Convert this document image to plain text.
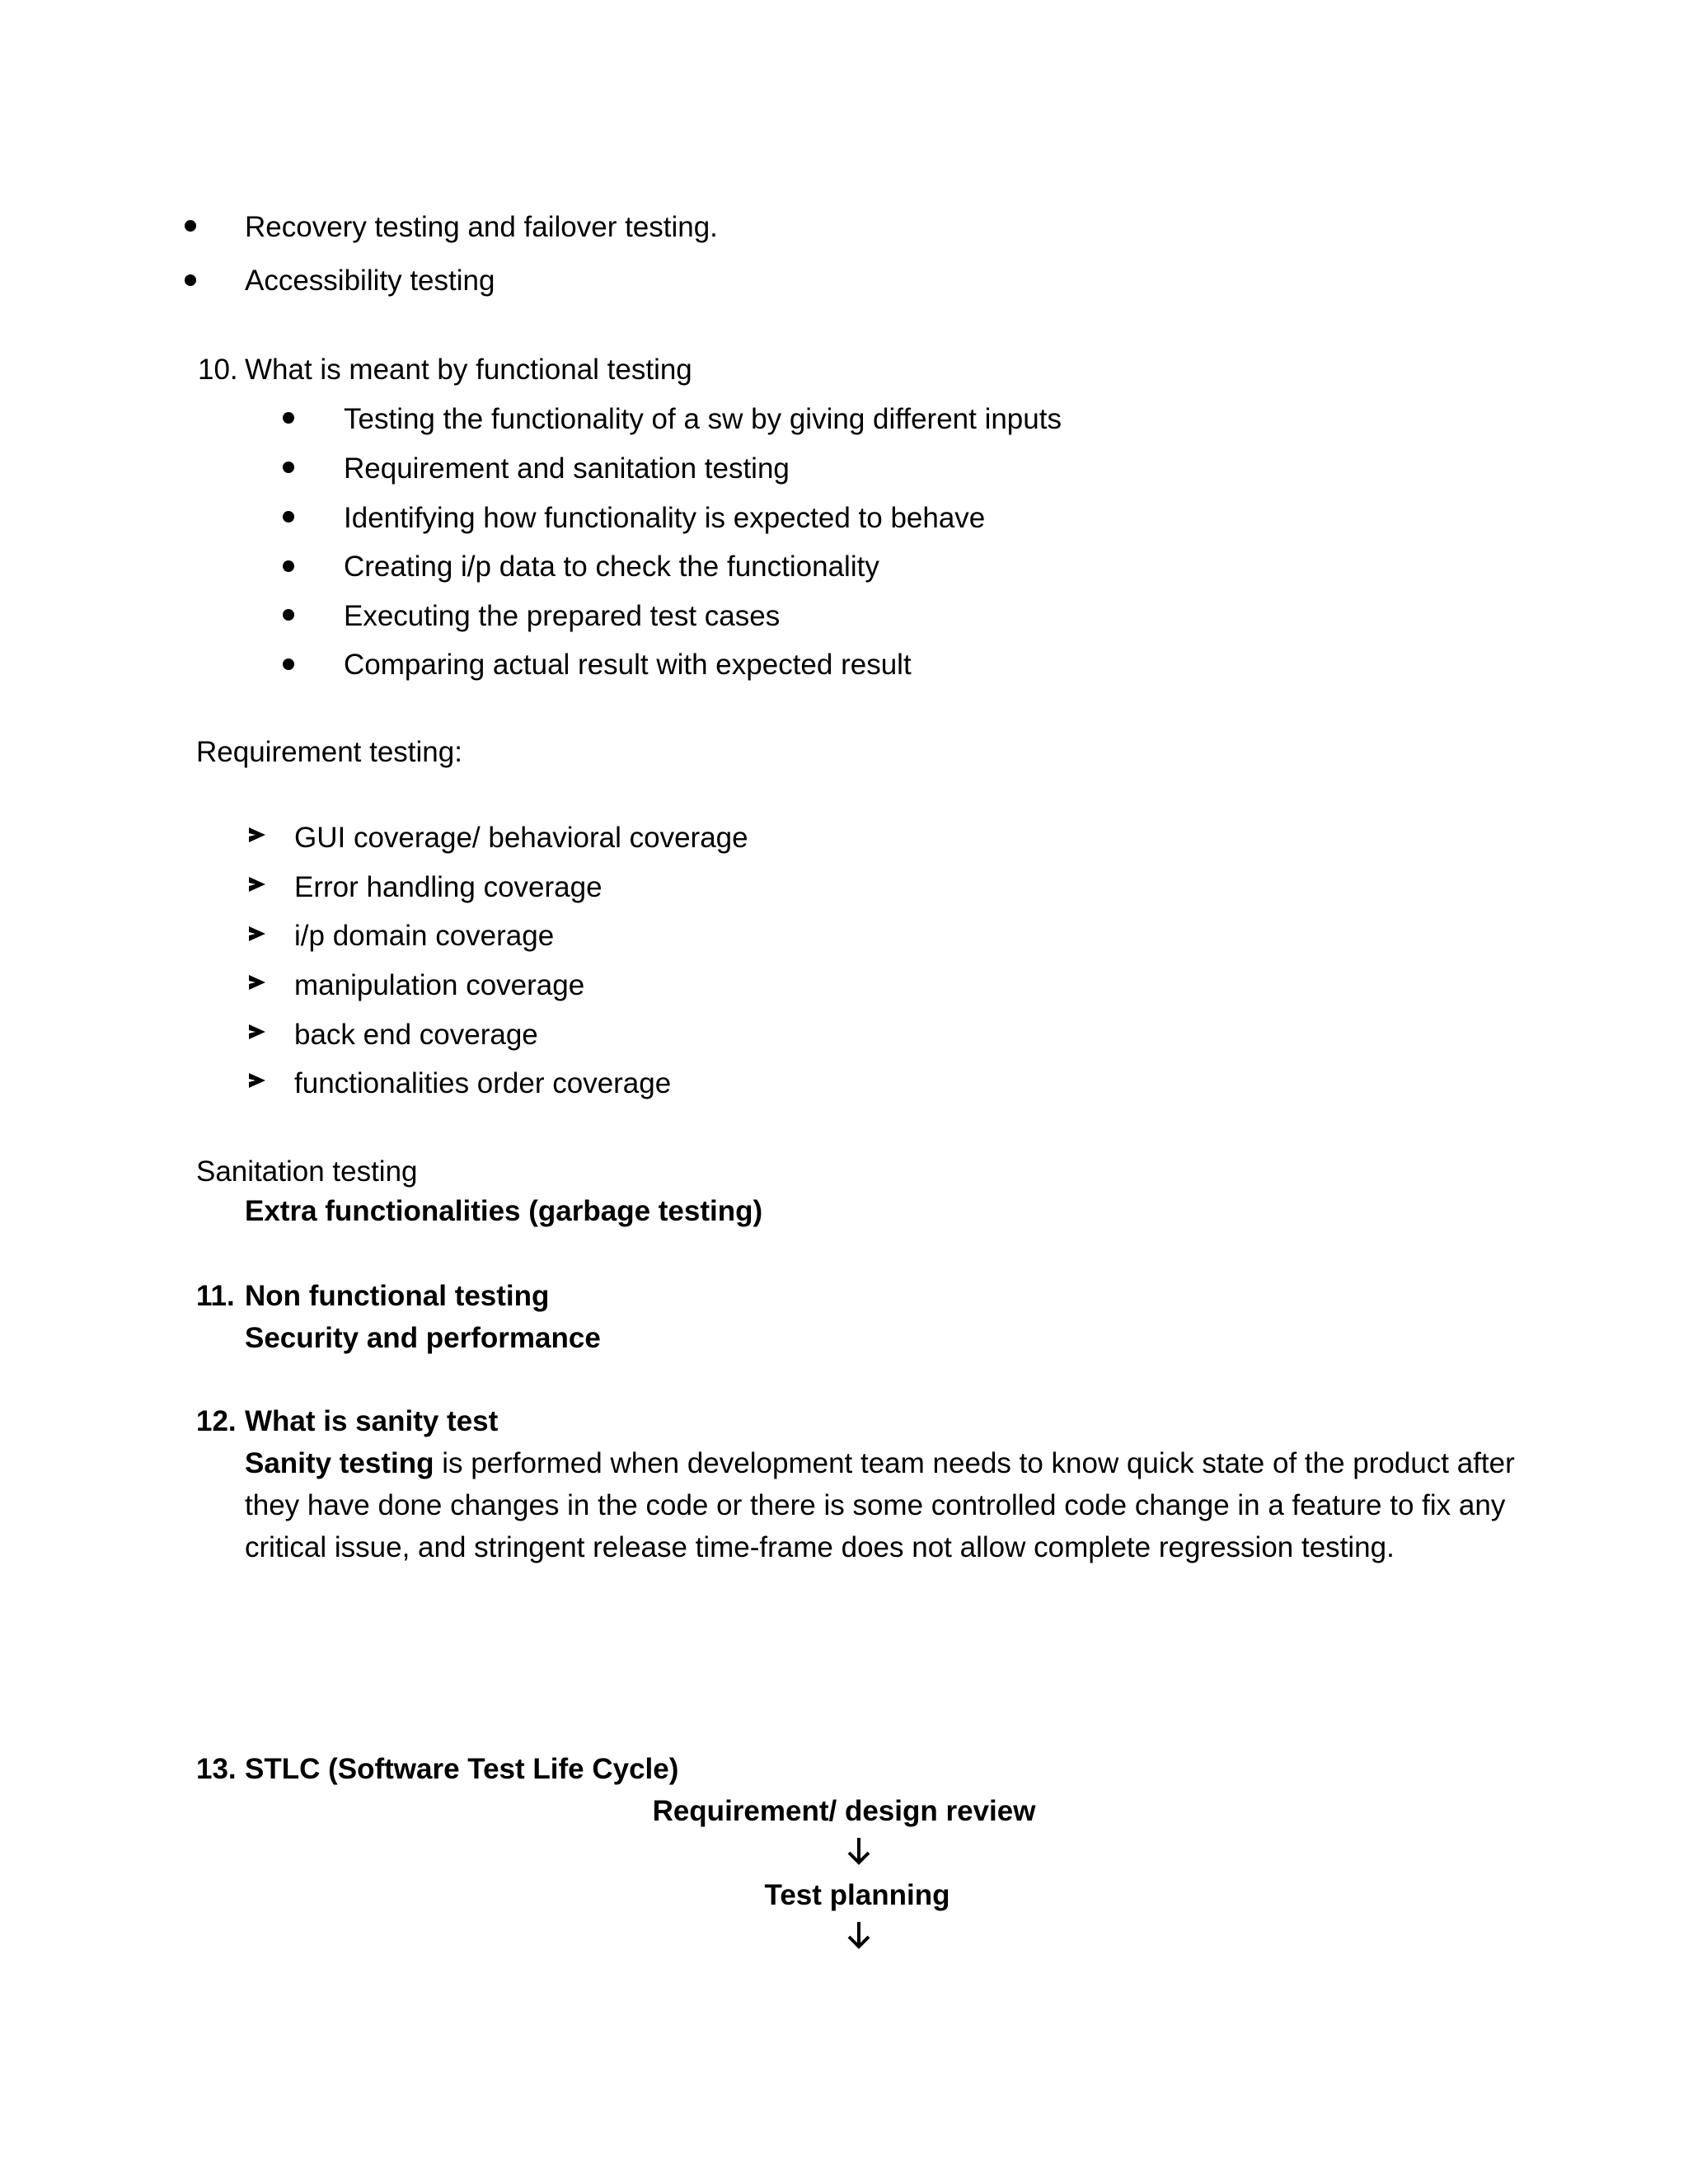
Recovery testing and failover testing.
Accessibility testing
10. What is meant by functional testing
Testing the functionality of a sw by giving different inputs
Requirement and sanitation testing
Identifying how functionality is expected to behave
Creating i/p data to check the functionality
Executing the prepared test cases
Comparing actual result with expected result
Requirement testing:
GUI coverage/ behavioral coverage
Error handling coverage
i/p domain coverage
manipulation coverage
back end coverage
functionalities order coverage
Sanitation testing
Extra functionalities (garbage testing)
11. Non functional testing
Security and performance
12. What is sanity test
Sanity testing is performed when development team needs to know quick state of the product after
they have done changes in the code or there is some controlled code change in a feature to fix any
critical issue, and stringent release time-frame does not allow complete regression testing.
13. STLC (Software Test Life Cycle)
Requirement/ design review
Test planning
